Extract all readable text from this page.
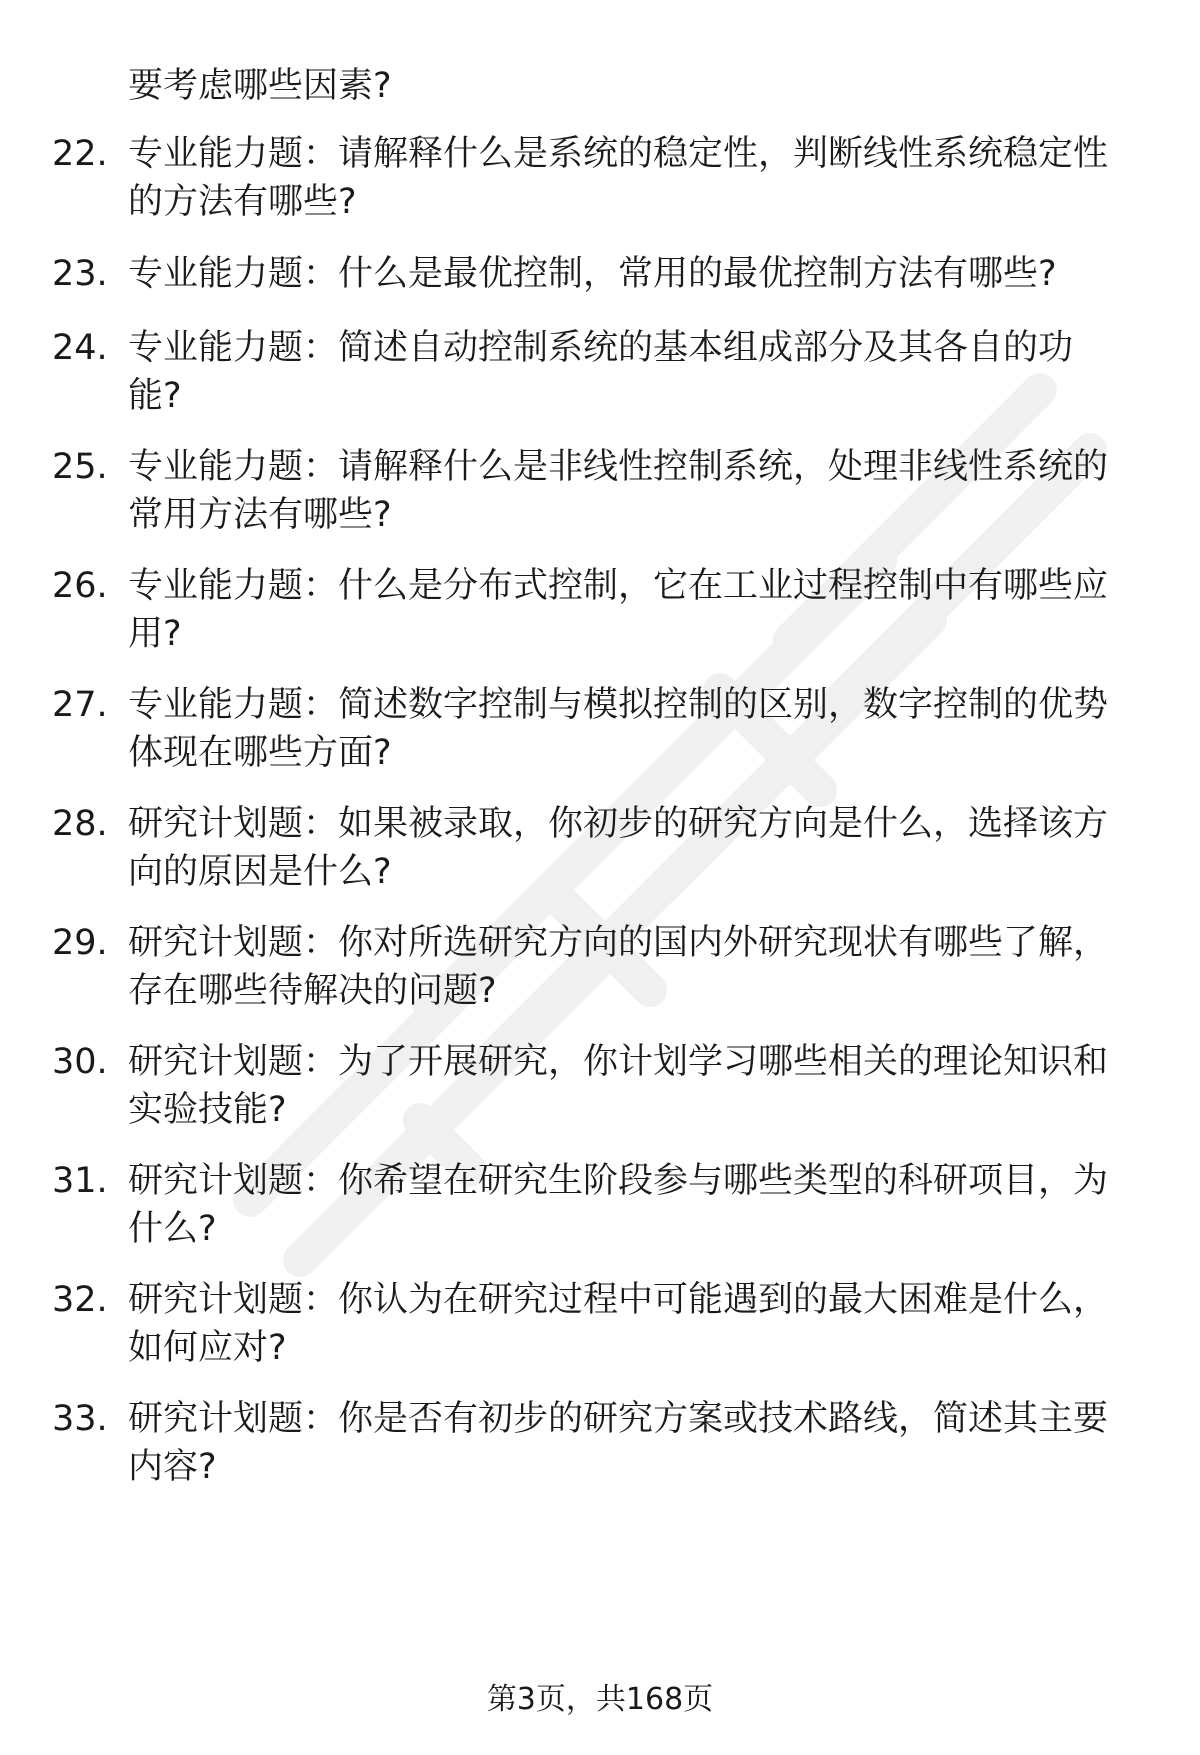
要考虑哪些因素?
22. 专业能力题：请解释什么是系统的稳定性，判断线性系统稳定性
的方法有哪些?
23. 专业能力题：什么是最优控制，常用的最优控制方法有哪些?
24. 专业能力题：简述自动控制系统的基本组成部分及其各自的功
能?
25. 专业能力题：请解释什么是非线性控制系统，处理非线性系统的
常用方法有哪些?
26. 专业能力题：什么是分布式控制，它在工业过程控制中有哪些应
用?
27. 专业能力题：简述数字控制与模拟控制的区别，数字控制的优势
体现在哪些方面?
28. 研究计划题：如果被录取，你初步的研究方向是什么，选择该方
向的原因是什么?
29. 研究计划题：你对所选研究方向的国内外研究现状有哪些了解，
存在哪些待解决的问题?
30. 研究计划题：为了开展研究，你计划学习哪些相关的理论知识和
实验技能?
31. 研究计划题：你希望在研究生阶段参与哪些类型的科研项目，为
什么?
32. 研究计划题：你认为在研究过程中可能遇到的最大困难是什么，
如何应对?
33. 研究计划题：你是否有初步的研究方案或技术路线，简述其主要
内容?
第3页，共168页
